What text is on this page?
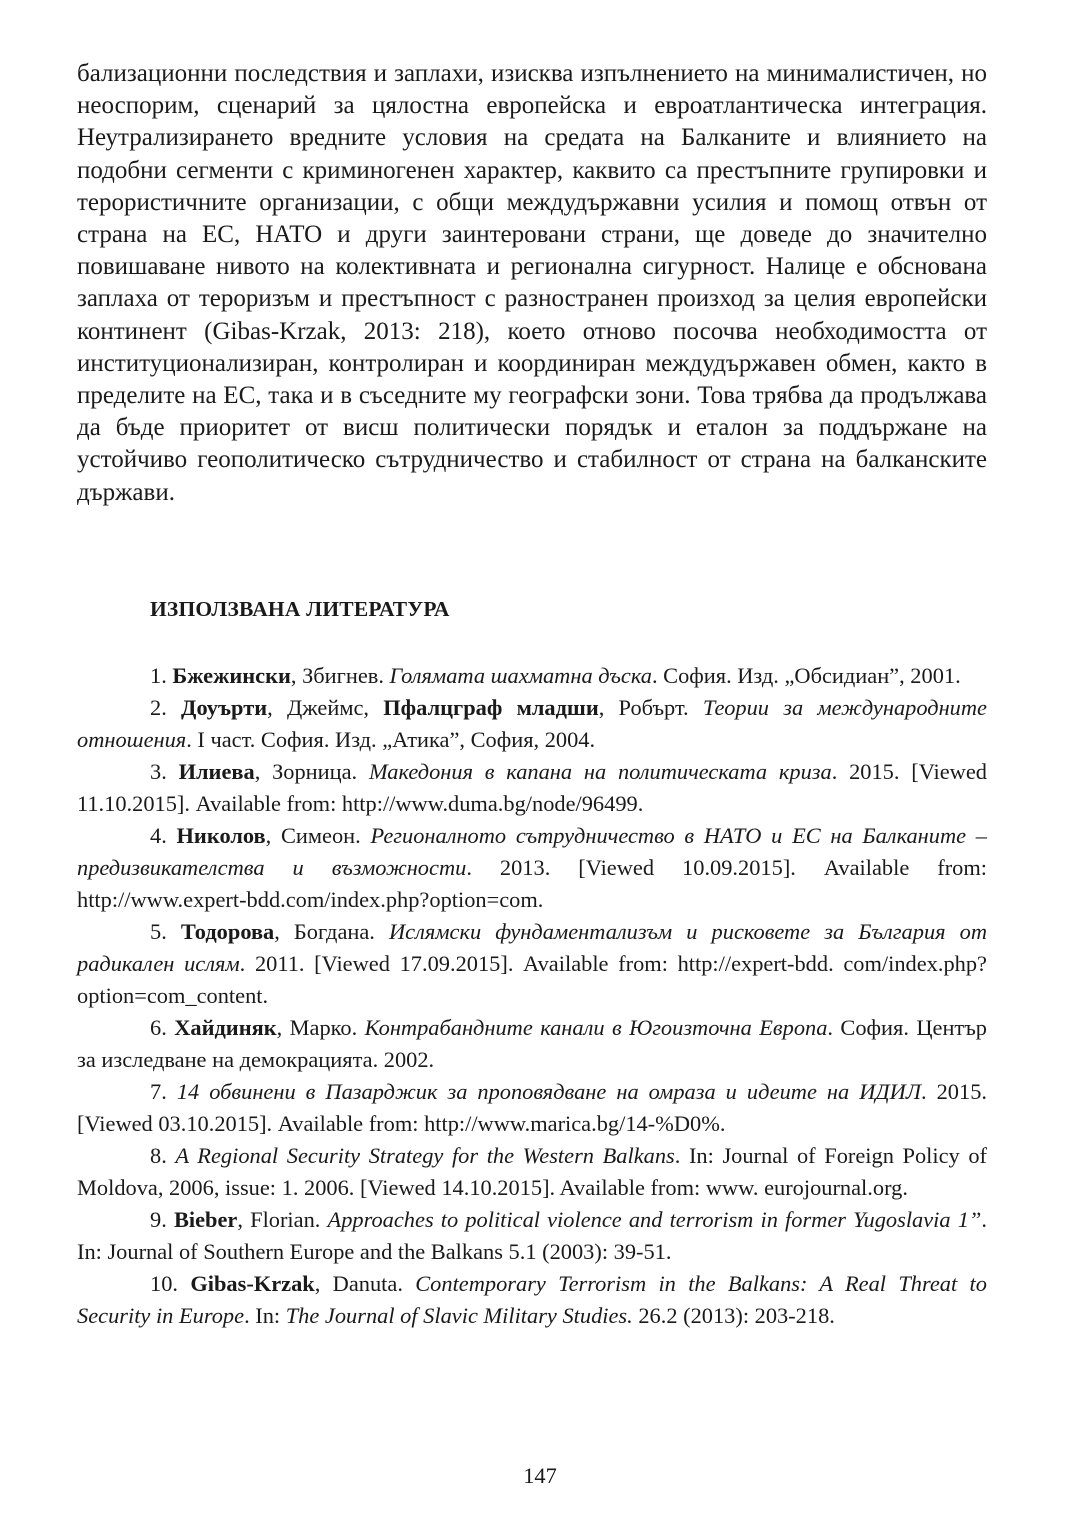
бализационни последствия и заплахи, изисква изпълнението на минималистичен, но неоспорим, сценарий за цялостна европейска и евроатлантическа интеграция. Неутрализирането вредните условия на средата на Балканите и влиянието на подобни сегменти с криминогенен характер, каквито са престъпните групировки и терористичните организации, с общи междудържавни усилия и помощ отвън от страна на ЕС, НАТО и други заинтеровани страни, ще доведе до значително повишаване нивото на колективната и регионална сигурност. Налице е обснована заплаха от тероризъм и престъпност с разностранен произход за целия европейски континент (Gibas-Krzak, 2013: 218), което отново посочва необходимостта от институционализиран, контролиран и координиран междудържавен обмен, както в пределите на ЕС, така и в съседните му географски зони. Това трябва да продължава да бъде приоритет от висш политически порядък и еталон за поддържане на устойчиво геополитическо сътрудничество и стабилност от страна на балканските държави.

ИЗПОЛЗВАНА ЛИТЕРАТУРА

1. Бжежински, Збигнев. Голямата шахматна дъска. София. Изд. „Обсидиан”, 2001.

2. Доуърти, Джеймс, Пфалцграф младши, Робърт. Теории за международните отношения. I част. София. Изд. „Атика”, София, 2004.

3. Илиева, Зорница. Македония в капана на политическата криза. 2015. [Viewed 11.10.2015]. Available from: http://www.duma.bg/node/96499.

4. Николов, Симеон. Регионалното сътрудничество в НАТО и ЕС на Балканите – предизвикателства и възможности. 2013. [Viewed 10.09.2015]. Available from: http://www.expert-bdd.com/index.php?option=com.

5. Тодорова, Богдана. Ислямски фундаментализъм и рисковете за България от радикален ислям. 2011. [Viewed 17.09.2015]. Available from: http://expert-bdd. com/index.php?option=com_content.

6. Хайдиняк, Марко. Контрабандните канали в Югоизточна Европа. София. Център за изследване на демокрацията. 2002.

7. 14 обвинени в Пазарджик за проповядване на омраза и идеите на ИДИЛ. 2015. [Viewed 03.10.2015]. Available from: http://www.marica.bg/14-%D0%.

8. A Regional Security Strategy for the Western Balkans. In: Journal of Foreign Policy of Moldova, 2006, issue: 1. 2006. [Viewed 14.10.2015]. Available from: www. eurojournal.org.

9. Bieber, Florian. Approaches to political violence and terrorism in former Yugoslavia 1”. In: Journal of Southern Europe and the Balkans 5.1 (2003): 39-51.

10. Gibas-Krzak, Danuta. Contemporary Terrorism in the Balkans: A Real Threat to Security in Europe. In: The Journal of Slavic Military Studies. 26.2 (2013): 203-218.

147
